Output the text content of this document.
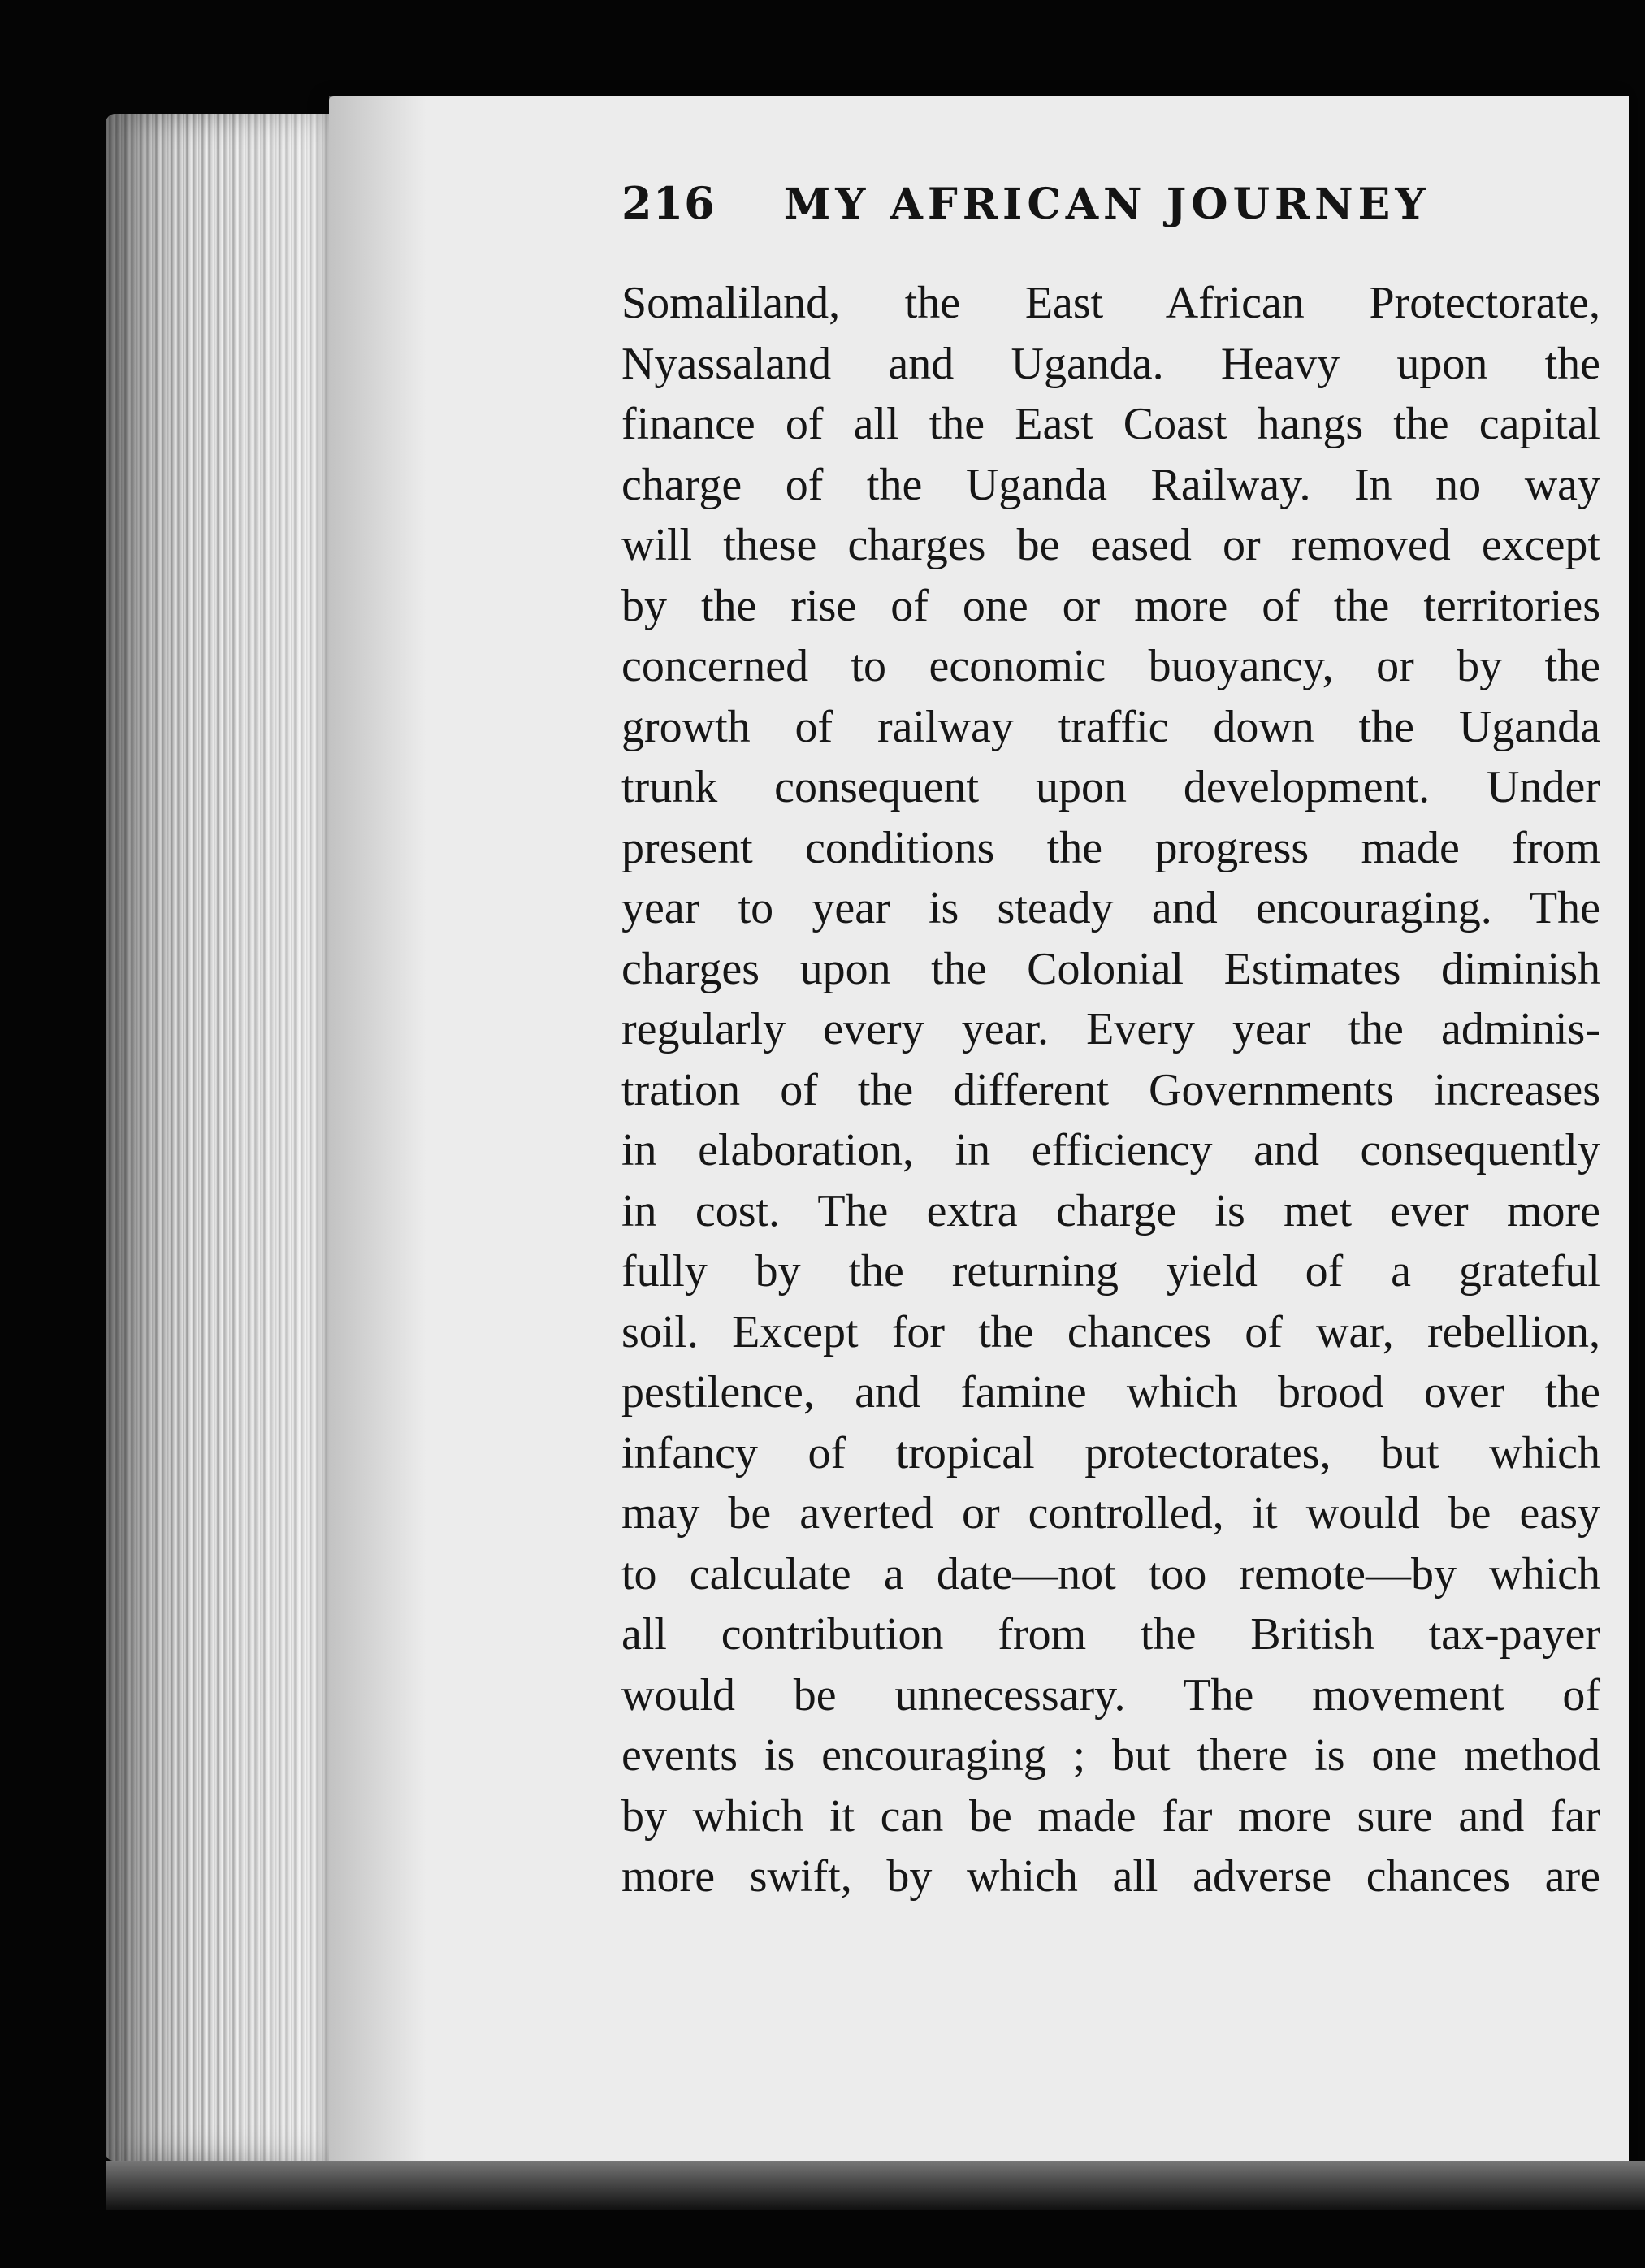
216 MY AFRICAN JOURNEY
Somaliland, the East African Protectorate,
Nyassaland and Uganda. Heavy upon the
finance of all the East Coast hangs the capital
charge of the Uganda Railway. In no way
will these charges be eased or removed except
by the rise of one or more of the territories
concerned to economic buoyancy, or by the
growth of railway traffic down the Uganda
trunk consequent upon development. Under
present conditions the progress made from
year to year is steady and encouraging. The
charges upon the Colonial Estimates diminish
regularly every year. Every year the adminis-
tration of the different Governments increases
in elaboration, in efficiency and consequently
in cost. The extra charge is met ever more
fully by the returning yield of a grateful
soil. Except for the chances of war, rebellion,
pestilence, and famine which brood over the
infancy of tropical protectorates, but which
may be averted or controlled, it would be easy
to calculate a date—not too remote—by which
all contribution from the British tax-payer
would be unnecessary. The movement of
events is encouraging ; but there is one method
by which it can be made far more sure and far
more swift, by which all adverse chances are
